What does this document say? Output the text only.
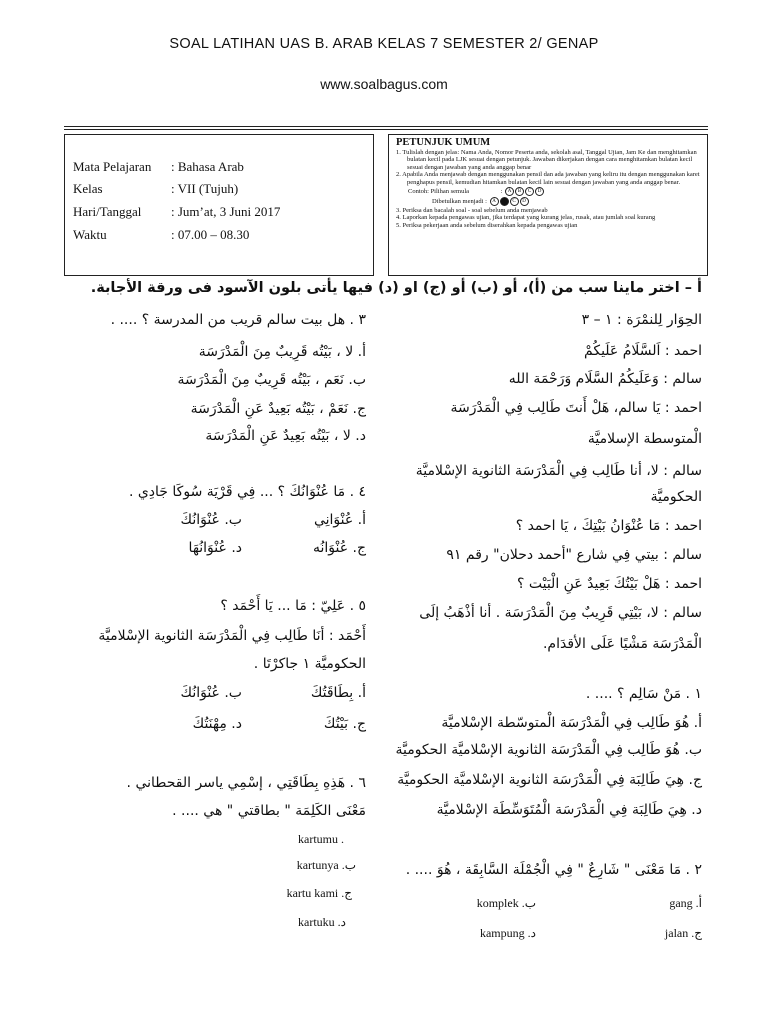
SOAL LATIHAN UAS B. ARAB KELAS 7 SEMESTER 2/ GENAP
www.soalbagus.com
Mata Pelajaran : Bahasa Arab
Kelas	: VII (Tujuh)
Hari/Tanggal : Jum’at, 3 Juni 2017
Waktu	: 07.00 – 08.30
PETUNJUK UMUM

1. Tulislah dengan jelas: Nama Anda, Nomor Peserta anda, sekolah asal, Tanggal Ujian, Jam Ke dan menghitamkan bulatan kecil pada LJK sesuai dengan petunjuk. Jawaban dikerjakan dengan cara menghitamkan bulatan kecil sesuai dengan jawaban yang anda anggap benar

2. Apabila Anda menjawab dengan menggunakan pensil dan ada jawaban yang keliru itu dengan menggunakan karet penghapus pensil, kemudian hitamkan bulatan kecil lain sesuai dengan jawaban yang anda anggap benar.

Contoh: Pilihan semula	: A B C D
Dibetulkan menjadi : A	C D

3. Periksa dan bacalah soal - soal sebelum anda menjawab

4. Laporkan kepada pengawas ujian, jika terdapat yang kurang jelas, rusak, atau jumlah soal kurang

5. Periksa pekerjaan anda sebelum diserahkan kepada pengawas ujian

أ – اختر ماينا سب من (أ)، أو (ب) أو (ج) او (د) فيها يأتى بلون الآسود فى ورقة الأجابة.
الحِوَار لِلنمْرَة : ١ – ٣
احمد : اَلسَّلَامُ عَلَيكُمْ
سالم : وَعَلَيكُمُ السَّلَام وَرَحْمَة الله
احمد : يَا سالم، هَلْ أَنتَ طَالِب فِي الْمَدْرَسَة
الْمتوسطة الإسلاميَّة
سالم : لا، أنا طَالِب فِي الْمَدْرَسَة الثانوية الإسْلاميَّة
الحكوميَّة
احمد : مَا عُنْوَانُ بَيْتِكَ ، يَا احمد ؟
سالم : بيتي فِي شارع "أحمد دحلان" رقم ٩١
احمد : هَلْ بَيْتُكَ بَعِيدٌ عَنِ الْبَيْت ؟
سالم : لا، بَيْتِي قَرِيبٌ مِنَ الْمَدْرَسَة . أنا أذْهَبُ إلَى
الْمَدْرَسَة مَشْيًا عَلَى الأقدَام.
١ . مَنْ سَالِم ؟ .... .
أ. هُوَ طَالِب فِي الْمَدْرَسَة الْمتوسّطة الإسْلاميَّة
ب. هُوَ طَالِب فِي الْمَدْرَسَة الثانوية الإسْلاميَّة الحكوميَّة
ج. هِيَ طَالِبَة فِي الْمَدْرَسَة الثانوية الإسْلاميَّة الحكوميَّة
د. هِيَ طَالِبَة فِي الْمَدْرَسَة الْمُتَوَسِّطَة الإسْلاميَّة
٢ . مَا مَعْنَى " شَارِعٌ " فِي الْجُمْلَة السَّابِقَة ، هُوَ .... .
gang .أ
komplek .ب
jalan .ج
kampung .د
٣ . هل بيت سالم قريب من المدرسة ؟ .... .
أ. لا ، بَيْتُه قَرِيبٌ مِنَ الْمَدْرَسَة
ب. نَعَم ، بَيْتُه قَرِيبٌ مِنَ الْمَدْرَسَة
ج. نَعَمْ ، بَيْتُه بَعِيدٌ عَنِ الْمَدْرَسَة
د. لا ، بَيْتُه بَعِيدٌ عَنِ الْمَدْرَسَة
٤ . مَا عُنْوَانُكَ ؟ ... فِي قَرْيَة سُوكَا جَادِي .
أ. عُنْوَانِي
ب. عُنْوَانُكَ
ج. عُنْوَانُه
د. عُنْوَانُهَا
٥ . عَلِيّ : مَا ... يَا أَحْمَد ؟
أَحْمَد : أنَا طَالِب فِي الْمَدْرَسَة الثانوية الإسْلاميَّة
الحكوميَّة ١ جاكرْتَا .
أ. بِطَاقَتُكَ
ب. عُنْوَانُكَ
ج. بَيْتُكَ
د. مِهْنَتُكَ
٦ . هَذِهِ بِطَاقَتِي ، إسْمِي ياسر القحطاني .
مَعْنَى الكَلِمَة " بطاقتي " هي .... .
kartumu .
kartunya .ب
kartu kami .ج
kartuku .د
